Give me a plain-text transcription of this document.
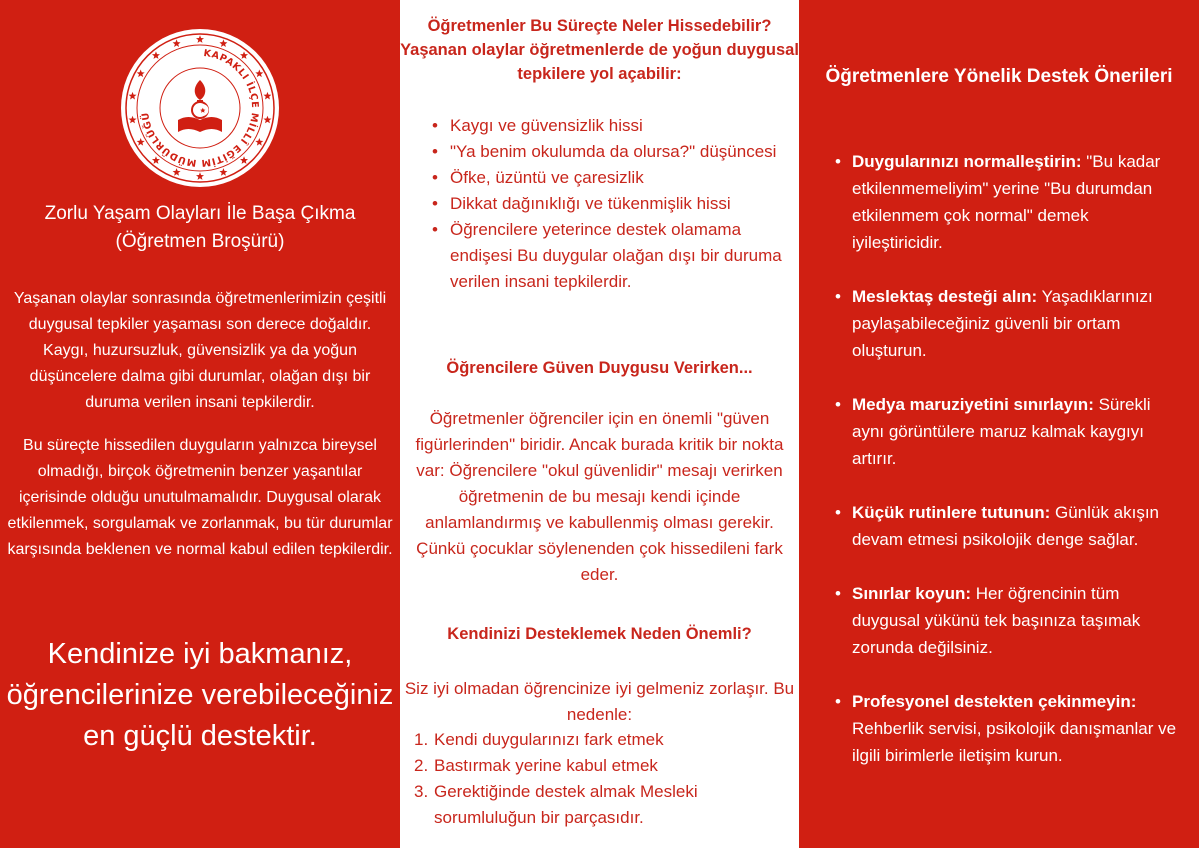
KAPAKLI İLÇE MİLLÎ EĞİTİM MÜDÜRLÜĞÜ
Zorlu Yaşam Olayları İle Başa Çıkma
(Öğretmen Broşürü)
Yaşanan olaylar sonrasında öğretmenlerimizin çeşitli duygusal tepkiler yaşaması son derece doğaldır. Kaygı, huzursuzluk, güvensizlik ya da yoğun düşüncelere dalma gibi durumlar, olağan dışı bir duruma verilen insani tepkilerdir.
Bu süreçte hissedilen duyguların yalnızca bireysel olmadığı, birçok öğretmenin benzer yaşantılar içerisinde olduğu unutulmamalıdır. Duygusal olarak etkilenmek, sorgulamak ve zorlanmak, bu tür durumlar karşısında beklenen ve normal kabul edilen tepkilerdir.
Kendinize iyi bakmanız, öğrencilerinize verebileceğiniz en güçlü destektir.
Öğretmenler Bu Süreçte Neler Hissedebilir? Yaşanan olaylar öğretmenlerde de yoğun duygusal tepkilere yol açabilir:
• Kaygı ve güvensizlik hissi
• "Ya benim okulumda da olursa?" düşüncesi
• Öfke, üzüntü ve çaresizlik
• Dikkat dağınıklığı ve tükenmişlik hissi
• Öğrencilere yeterince destek olamama endişesi Bu duygular olağan dışı bir duruma verilen insani tepkilerdir.
Öğrencilere Güven Duygusu Verirken...
Öğretmenler öğrenciler için en önemli "güven figürlerinden" biridir. Ancak burada kritik bir nokta var: Öğrencilere "okul güvenlidir" mesajı verirken öğretmenin de bu mesajı kendi içinde anlamlandırmış ve kabullenmiş olması gerekir. Çünkü çocuklar söylenenden çok hissedileni fark eder.
Kendinizi Desteklemek Neden Önemli?
Siz iyi olmadan öğrencinize iyi gelmeniz zorlaşır. Bu nedenle:
1. Kendi duygularınızı fark etmek
2. Bastırmak yerine kabul etmek
3. Gerektiğinde destek almak Mesleki sorumluluğun bir parçasıdır.
Öğretmenlere Yönelik Destek Önerileri
• Duygularınızı normalleştirin: "Bu kadar etkilenmemeliyim" yerine "Bu durumdan etkilenmem çok normal" demek iyileştiricidir.
• Meslektaş desteği alın: Yaşadıklarınızı paylaşabileceğiniz güvenli bir ortam oluşturun.
• Medya maruziyetini sınırlayın: Sürekli aynı görüntülere maruz kalmak kaygıyı artırır.
• Küçük rutinlere tutunun: Günlük akışın devam etmesi psikolojik denge sağlar.
• Sınırlar koyun: Her öğrencinin tüm duygusal yükünü tek başınıza taşımak zorunda değilsiniz.
• Profesyonel destekten çekinmeyin: Rehberlik servisi, psikolojik danışmanlar ve ilgili birimlerle iletişim kurun.
